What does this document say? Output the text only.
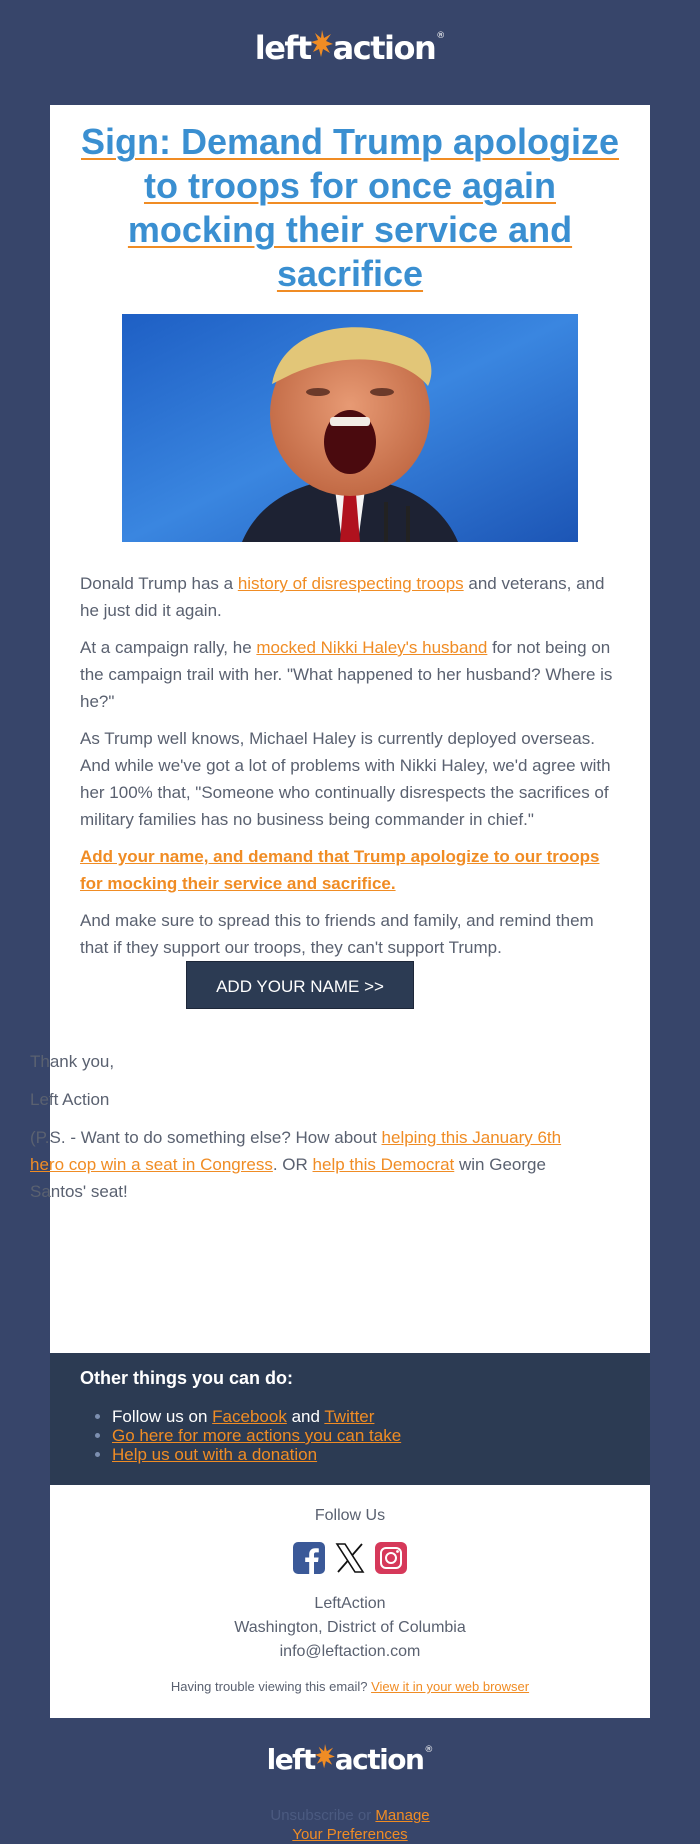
left action ®
Sign: Demand Trump apologize to troops for once again mocking their service and sacrifice

Donald Trump has a history of disrespecting troops and veterans, and he just did it again.

At a campaign rally, he mocked Nikki Haley's husband for not being on the campaign trail with her. "What happened to her husband? Where is he?"

As Trump well knows, Michael Haley is currently deployed overseas. And while we've got a lot of problems with Nikki Haley, we'd agree with her 100% that, "Someone who continually disrespects the sacrifices of military families has no business being commander in chief."

Add your name, and demand that Trump apologize to our troops for mocking their service and sacrifice.

And make sure to spread this to friends and family, and remind them that if they support our troops, they can't support Trump.

ADD YOUR NAME >>

Thank you,

Left Action

(P.S. - Want to do something else? How about helping this January 6th hero cop win a seat in Congress. OR help this Democrat win George Santos' seat!

Other things you can do:
• Follow us on Facebook and Twitter
• Go here for more actions you can take
• Help us out with a donation
Follow Us
LeftAction
Washington, District of Columbia
info@leftaction.com
Having trouble viewing this email? View it in your web browser
left action ®
Unsubscribe or Manage
Your Preferences
